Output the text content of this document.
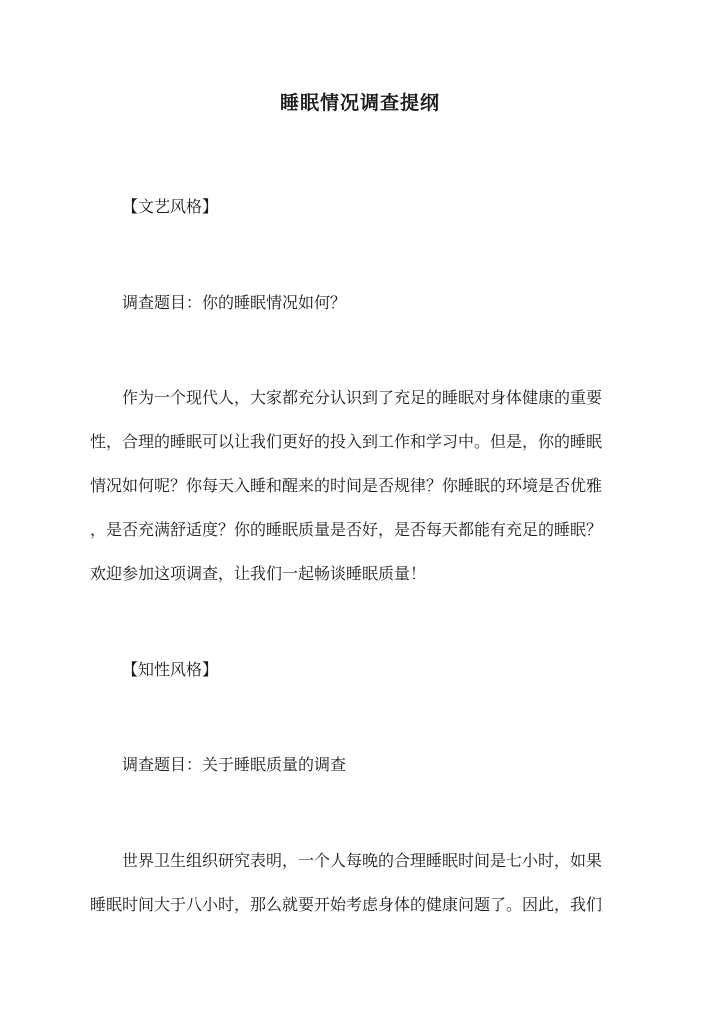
睡眠情况调查提纲
【文艺风格】
调查题目：你的睡眠情况如何？
作为一个现代人，大家都充分认识到了充足的睡眠对身体健康的重要
性，合理的睡眠可以让我们更好的投入到工作和学习中。但是，你的睡眠
情况如何呢？你每天入睡和醒来的时间是否规律？你睡眠的环境是否优雅
，是否充满舒适度？你的睡眠质量是否好，是否每天都能有充足的睡眠？
欢迎参加这项调查，让我们一起畅谈睡眠质量！
【知性风格】
调查题目：关于睡眠质量的调查
世界卫生组织研究表明，一个人每晚的合理睡眠时间是七小时，如果
睡眠时间大于八小时，那么就要开始考虑身体的健康问题了。因此，我们
